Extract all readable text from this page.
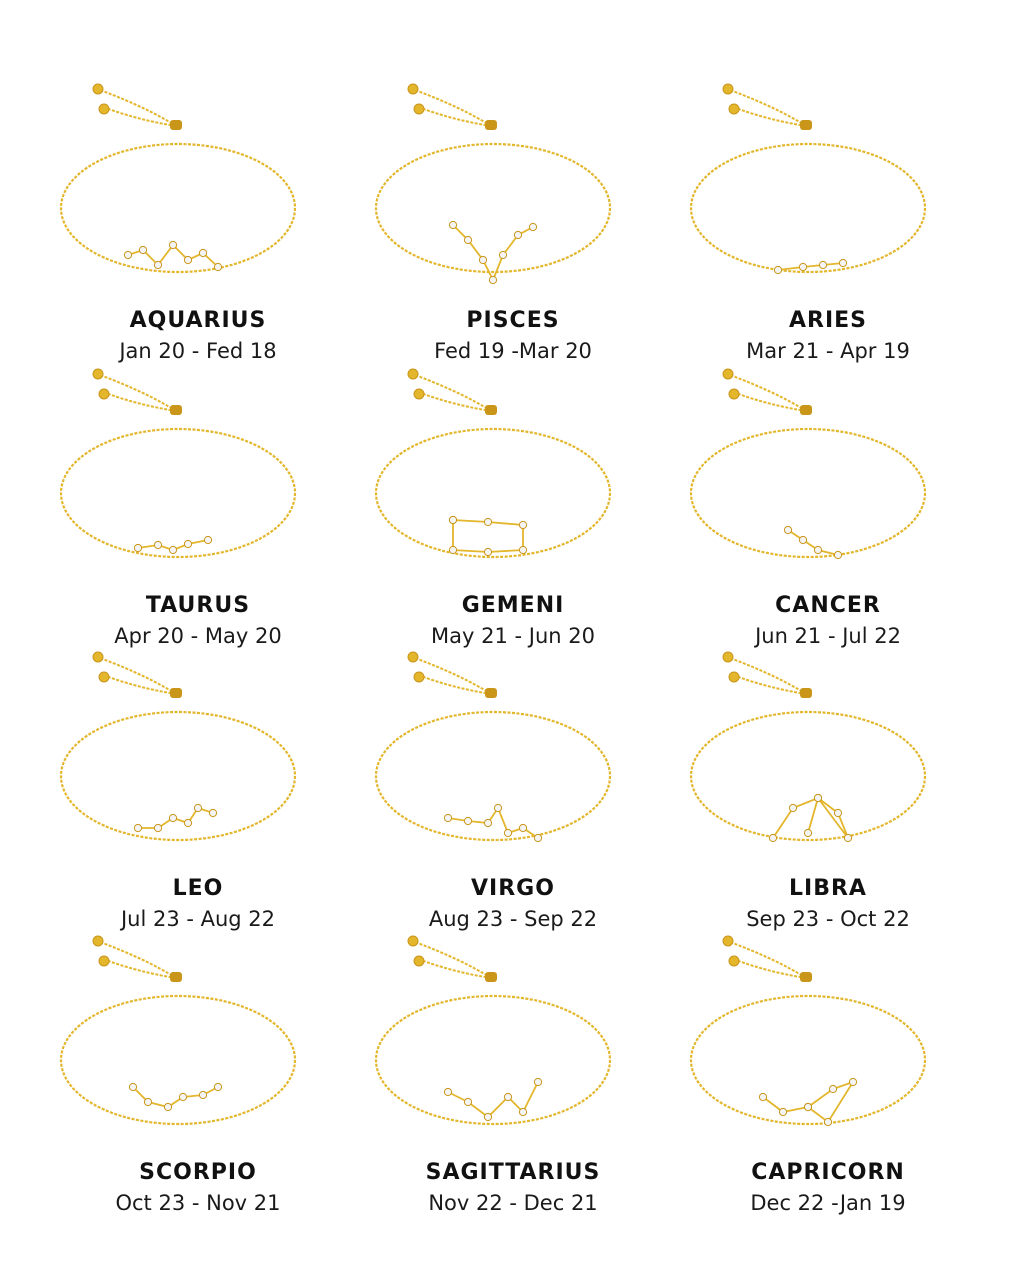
AQUARIUS
Jan 20 - Fed 18
PISCES
Fed 19 -Mar 20
ARIES
Mar 21 - Apr 19
TAURUS
Apr 20 - May 20
GEMENI
May 21 - Jun 20
CANCER
Jun 21 - Jul 22
LEO
Jul 23 - Aug 22
VIRGO
Aug 23 - Sep 22
LIBRA
Sep 23 - Oct 22
SCORPIO
Oct 23 - Nov 21
SAGITTARIUS
Nov 22 - Dec 21
CAPRICORN
Dec 22 -Jan 19
